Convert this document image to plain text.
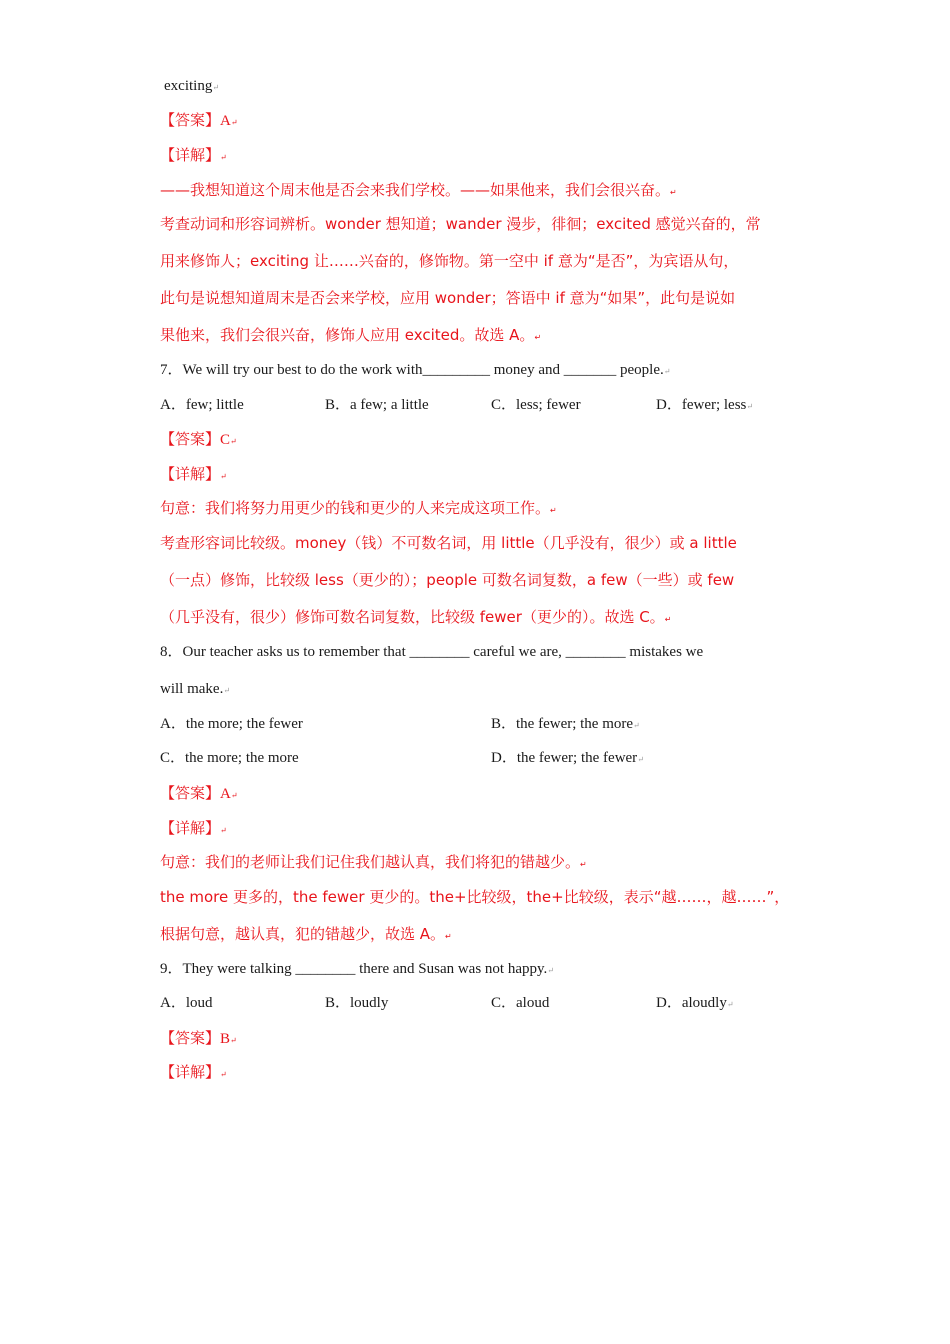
exciting↵
【答案】A↵
【详解】↵
——我想知道这个周末他是否会来我们学校。——如果他来，我们会很兴奋。↵
考查动词和形容词辨析。wonder 想知道；wander 漫步，徘徊；excited 感觉兴奋的，常
用来修饰人；exciting 让……兴奋的，修饰物。第一空中 if 意为“是否”，为宾语从句，
此句是说想知道周末是否会来学校，应用 wonder；答语中 if 意为“如果”，此句是说如
果他来，我们会很兴奋，修饰人应用 excited。故选 A。↵
7．We will try our best to do the work with_________ money and _______ people.↵
A．few; little	B．a few; a little	C．less; fewer	D．fewer; less↵
【答案】C↵
【详解】↵
句意：我们将努力用更少的钱和更少的人来完成这项工作。↵
考查形容词比较级。money（钱）不可数名词，用 little（几乎没有，很少）或 a little
（一点）修饰，比较级 less（更少的）；people 可数名词复数，a few（一些）或 few
（几乎没有，很少）修饰可数名词复数，比较级 fewer（更少的）。故选 C。↵
8．Our teacher asks us to remember that ________ careful we are, ________ mistakes we
will make.↵
A．the more; the fewer	B．the fewer; the more↵
C．the more; the more	D．the fewer; the fewer↵
【答案】A↵
【详解】↵
句意：我们的老师让我们记住我们越认真，我们将犯的错越少。↵
the more 更多的，the fewer 更少的。the+比较级，the+比较级，表示“越……，越……”，
根据句意，越认真，犯的错越少，故选 A。↵
9．They were talking ________ there and Susan was not happy.↵
A．loud	B．loudly	C．aloud	D．aloudly↵
【答案】B↵
【详解】↵
